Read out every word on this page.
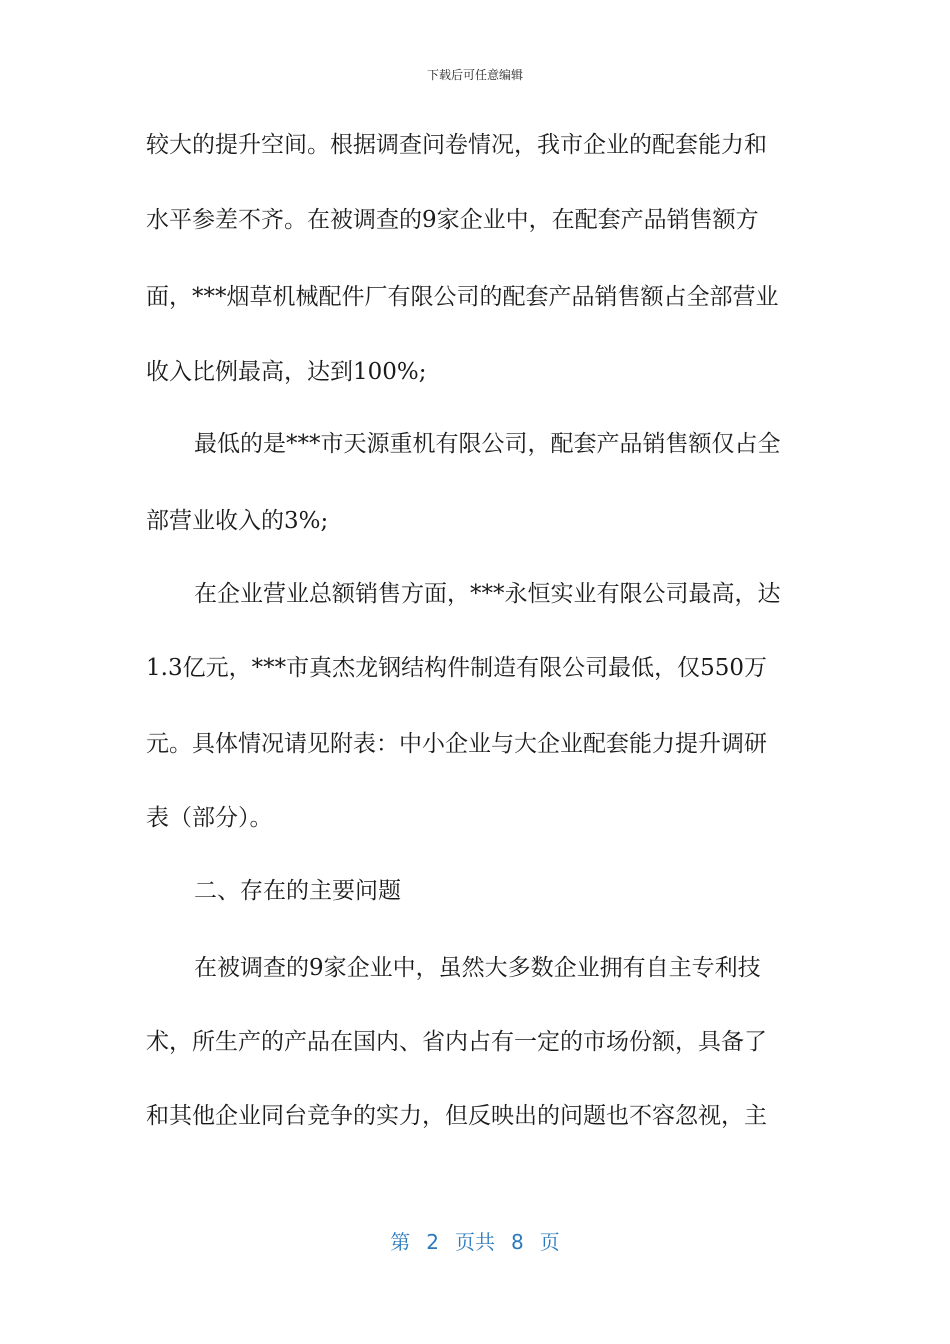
下载后可任意编辑
较大的提升空间。根据调查问卷情况，我市企业的配套能力和
水平参差不齐。在被调查的9家企业中，在配套产品销售额方
面，***烟草机械配件厂有限公司的配套产品销售额占全部营业
收入比例最高，达到100%;
最低的是***市天源重机有限公司，配套产品销售额仅占全
部营业收入的3%;
在企业营业总额销售方面，***永恒实业有限公司最高，达
1.3亿元，***市真杰龙钢结构件制造有限公司最低，仅550万
元。具体情况请见附表：中小企业与大企业配套能力提升调研
表（部分）。
二、存在的主要问题
在被调查的9家企业中，虽然大多数企业拥有自主专利技
术，所生产的产品在国内、省内占有一定的市场份额，具备了
和其他企业同台竞争的实力，但反映出的问题也不容忽视，主
第 2 页共 8 页
